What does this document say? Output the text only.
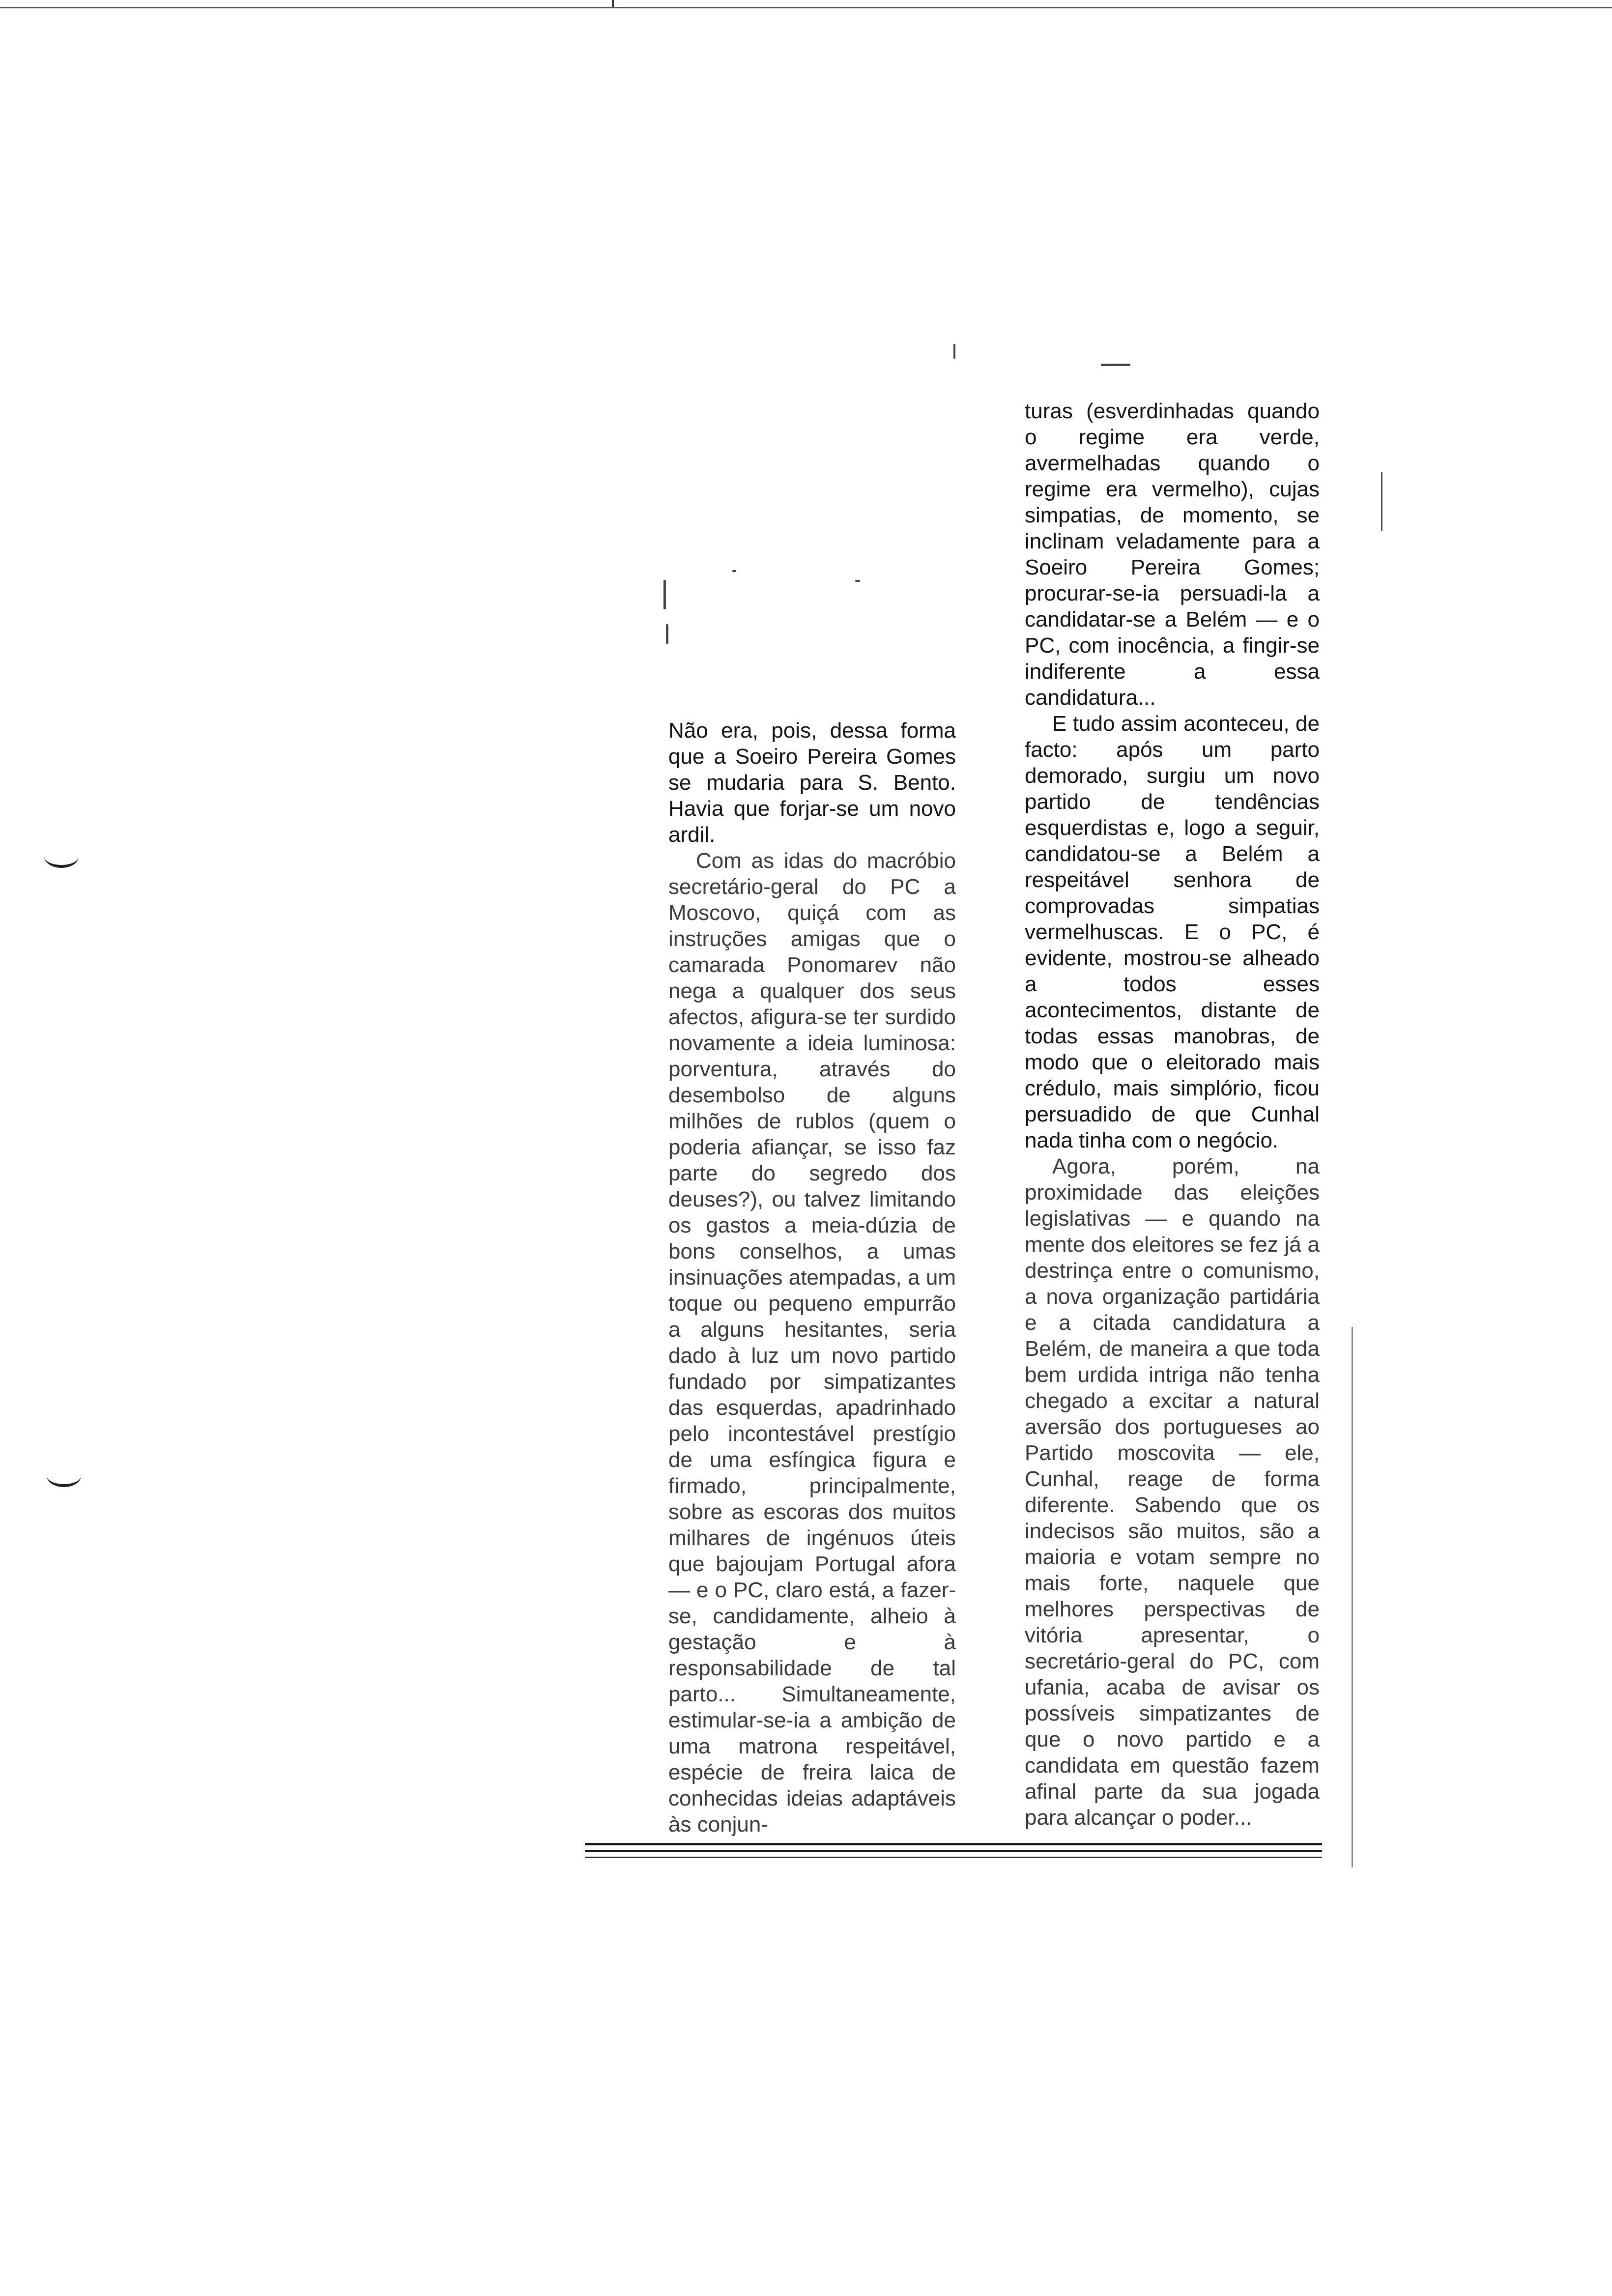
Não era, pois, dessa forma que a Soeiro Pereira Gomes se mudaria para S. Bento. Havia que forjar-se um novo ardil.

Com as idas do macróbio secretário-geral do PC a Moscovo, quiçá com as instruções amigas que o camarada Ponomarev não nega a qualquer dos seus afectos, afigura-se ter surdido novamente a ideia luminosa: porventura, através do desembolso de alguns milhões de rublos (quem o poderia afiançar, se isso faz parte do segredo dos deuses?), ou talvez limitando os gastos a meia-dúzia de bons conselhos, a umas insinuações atempadas, a um toque ou pequeno empurrão a alguns hesitantes, seria dado à luz um novo partido fundado por simpatizantes das esquerdas, apadrinhado pelo incontestável prestígio de uma esfíngica figura e firmado, principalmente, sobre as escoras dos muitos milhares de ingénuos úteis que bajoujam Portugal afora — e o PC, claro está, a fazer-se, candidamente, alheio à gestação e à responsabilidade de tal parto... Simultaneamente, estimular-se-ia a ambição de uma matrona respeitável, espécie de freira laica de conhecidas ideias adaptáveis às conjun-

turas (esverdinhadas quando o regime era verde, avermelhadas quando o regime era vermelho), cujas simpatias, de momento, se inclinam veladamente para a Soeiro Pereira Gomes; procurar-se-ia persuadi-la a candidatar-se a Belém — e o PC, com inocência, a fingir-se indiferente a essa candidatura...

E tudo assim aconteceu, de facto: após um parto demorado, surgiu um novo partido de tendências esquerdistas e, logo a seguir, candidatou-se a Belém a respeitável senhora de comprovadas simpatias vermelhuscas. E o PC, é evidente, mostrou-se alheado a todos esses acontecimentos, distante de todas essas manobras, de modo que o eleitorado mais crédulo, mais simplório, ficou persuadido de que Cunhal nada tinha com o negócio.

Agora, porém, na proximidade das eleições legislativas — e quando na mente dos eleitores se fez já a destrinça entre o comunismo, a nova organização partidária e a citada candidatura a Belém, de maneira a que toda bem urdida intriga não tenha chegado a excitar a natural aversão dos portugueses ao Partido moscovita — ele, Cunhal, reage de forma diferente. Sabendo que os indecisos são muitos, são a maioria e votam sempre no mais forte, naquele que melhores perspectivas de vitória apresentar, o secretário-geral do PC, com ufania, acaba de avisar os possíveis simpatizantes de que o novo partido e a candidata em questão fazem afinal parte da sua jogada para alcançar o poder...
